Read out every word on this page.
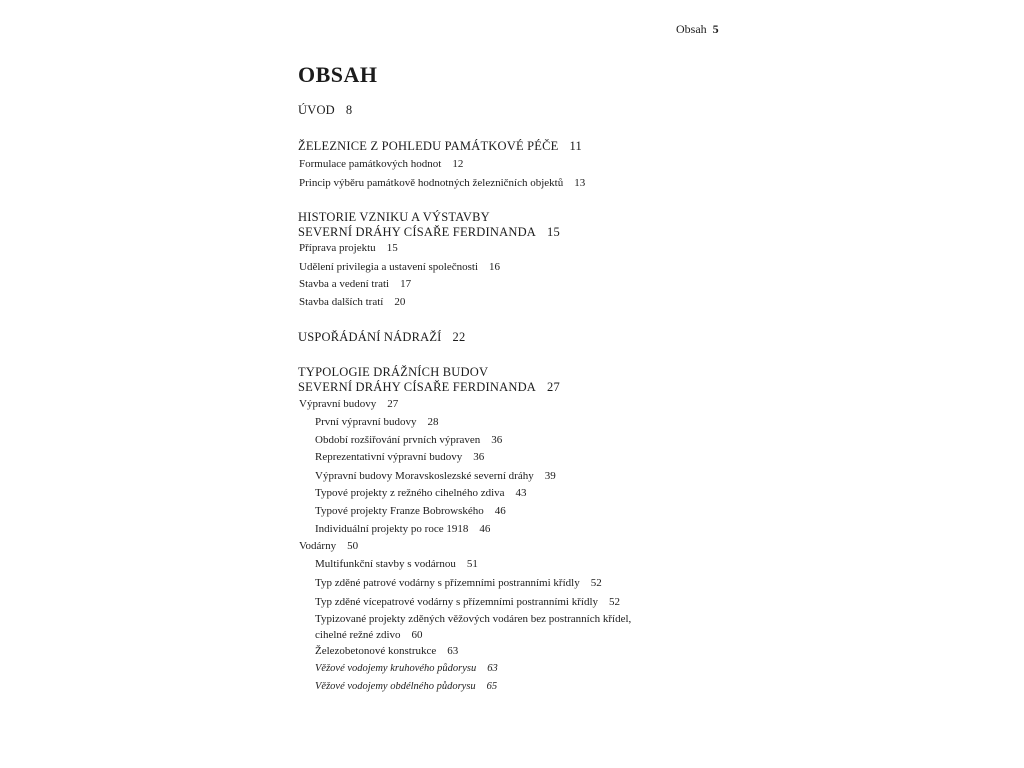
Obsah 5
OBSAH
ÚVOD 8
ŽELEZNICE Z POHLEDU PAMÁTKOVÉ PÉČE 11
Formulace památkových hodnot 12
Princip výběru památkově hodnotných železničních objektů 13
HISTORIE VZNIKU A VÝSTAVBY
SEVERNÍ DRÁHY CÍSAŘE FERDINANDA 15
Příprava projektu 15
Udělení privilegia a ustavení společnosti 16
Stavba a vedení trati 17
Stavba dalších tratí 20
USPOŘÁDÁNÍ NÁDRAŽÍ 22
TYPOLOGIE DRÁŽNÍCH BUDOV
SEVERNÍ DRÁHY CÍSAŘE FERDINANDA 27
Výpravní budovy 27
První výpravní budovy 28
Období rozšiřování prvních výpraven 36
Reprezentativní výpravní budovy 36
Výpravní budovy Moravskoslezské severní dráhy 39
Typové projekty z režného cihelného zdiva 43
Typové projekty Franze Bobrowského 46
Individuální projekty po roce 1918 46
Vodárny 50
Multifunkční stavby s vodárnou 51
Typ zděné patrové vodárny s přízemními postranními křídly 52
Typ zděné vícepatrové vodárny s přízemními postranními křídly 52
Typizované projekty zděných věžových vodáren bez postranních křídel,
cihelné režné zdivo 60
Železobetonové konstrukce 63
Věžové vodojemy kruhového půdorysu 63
Věžové vodojemy obdélného půdorysu 65
